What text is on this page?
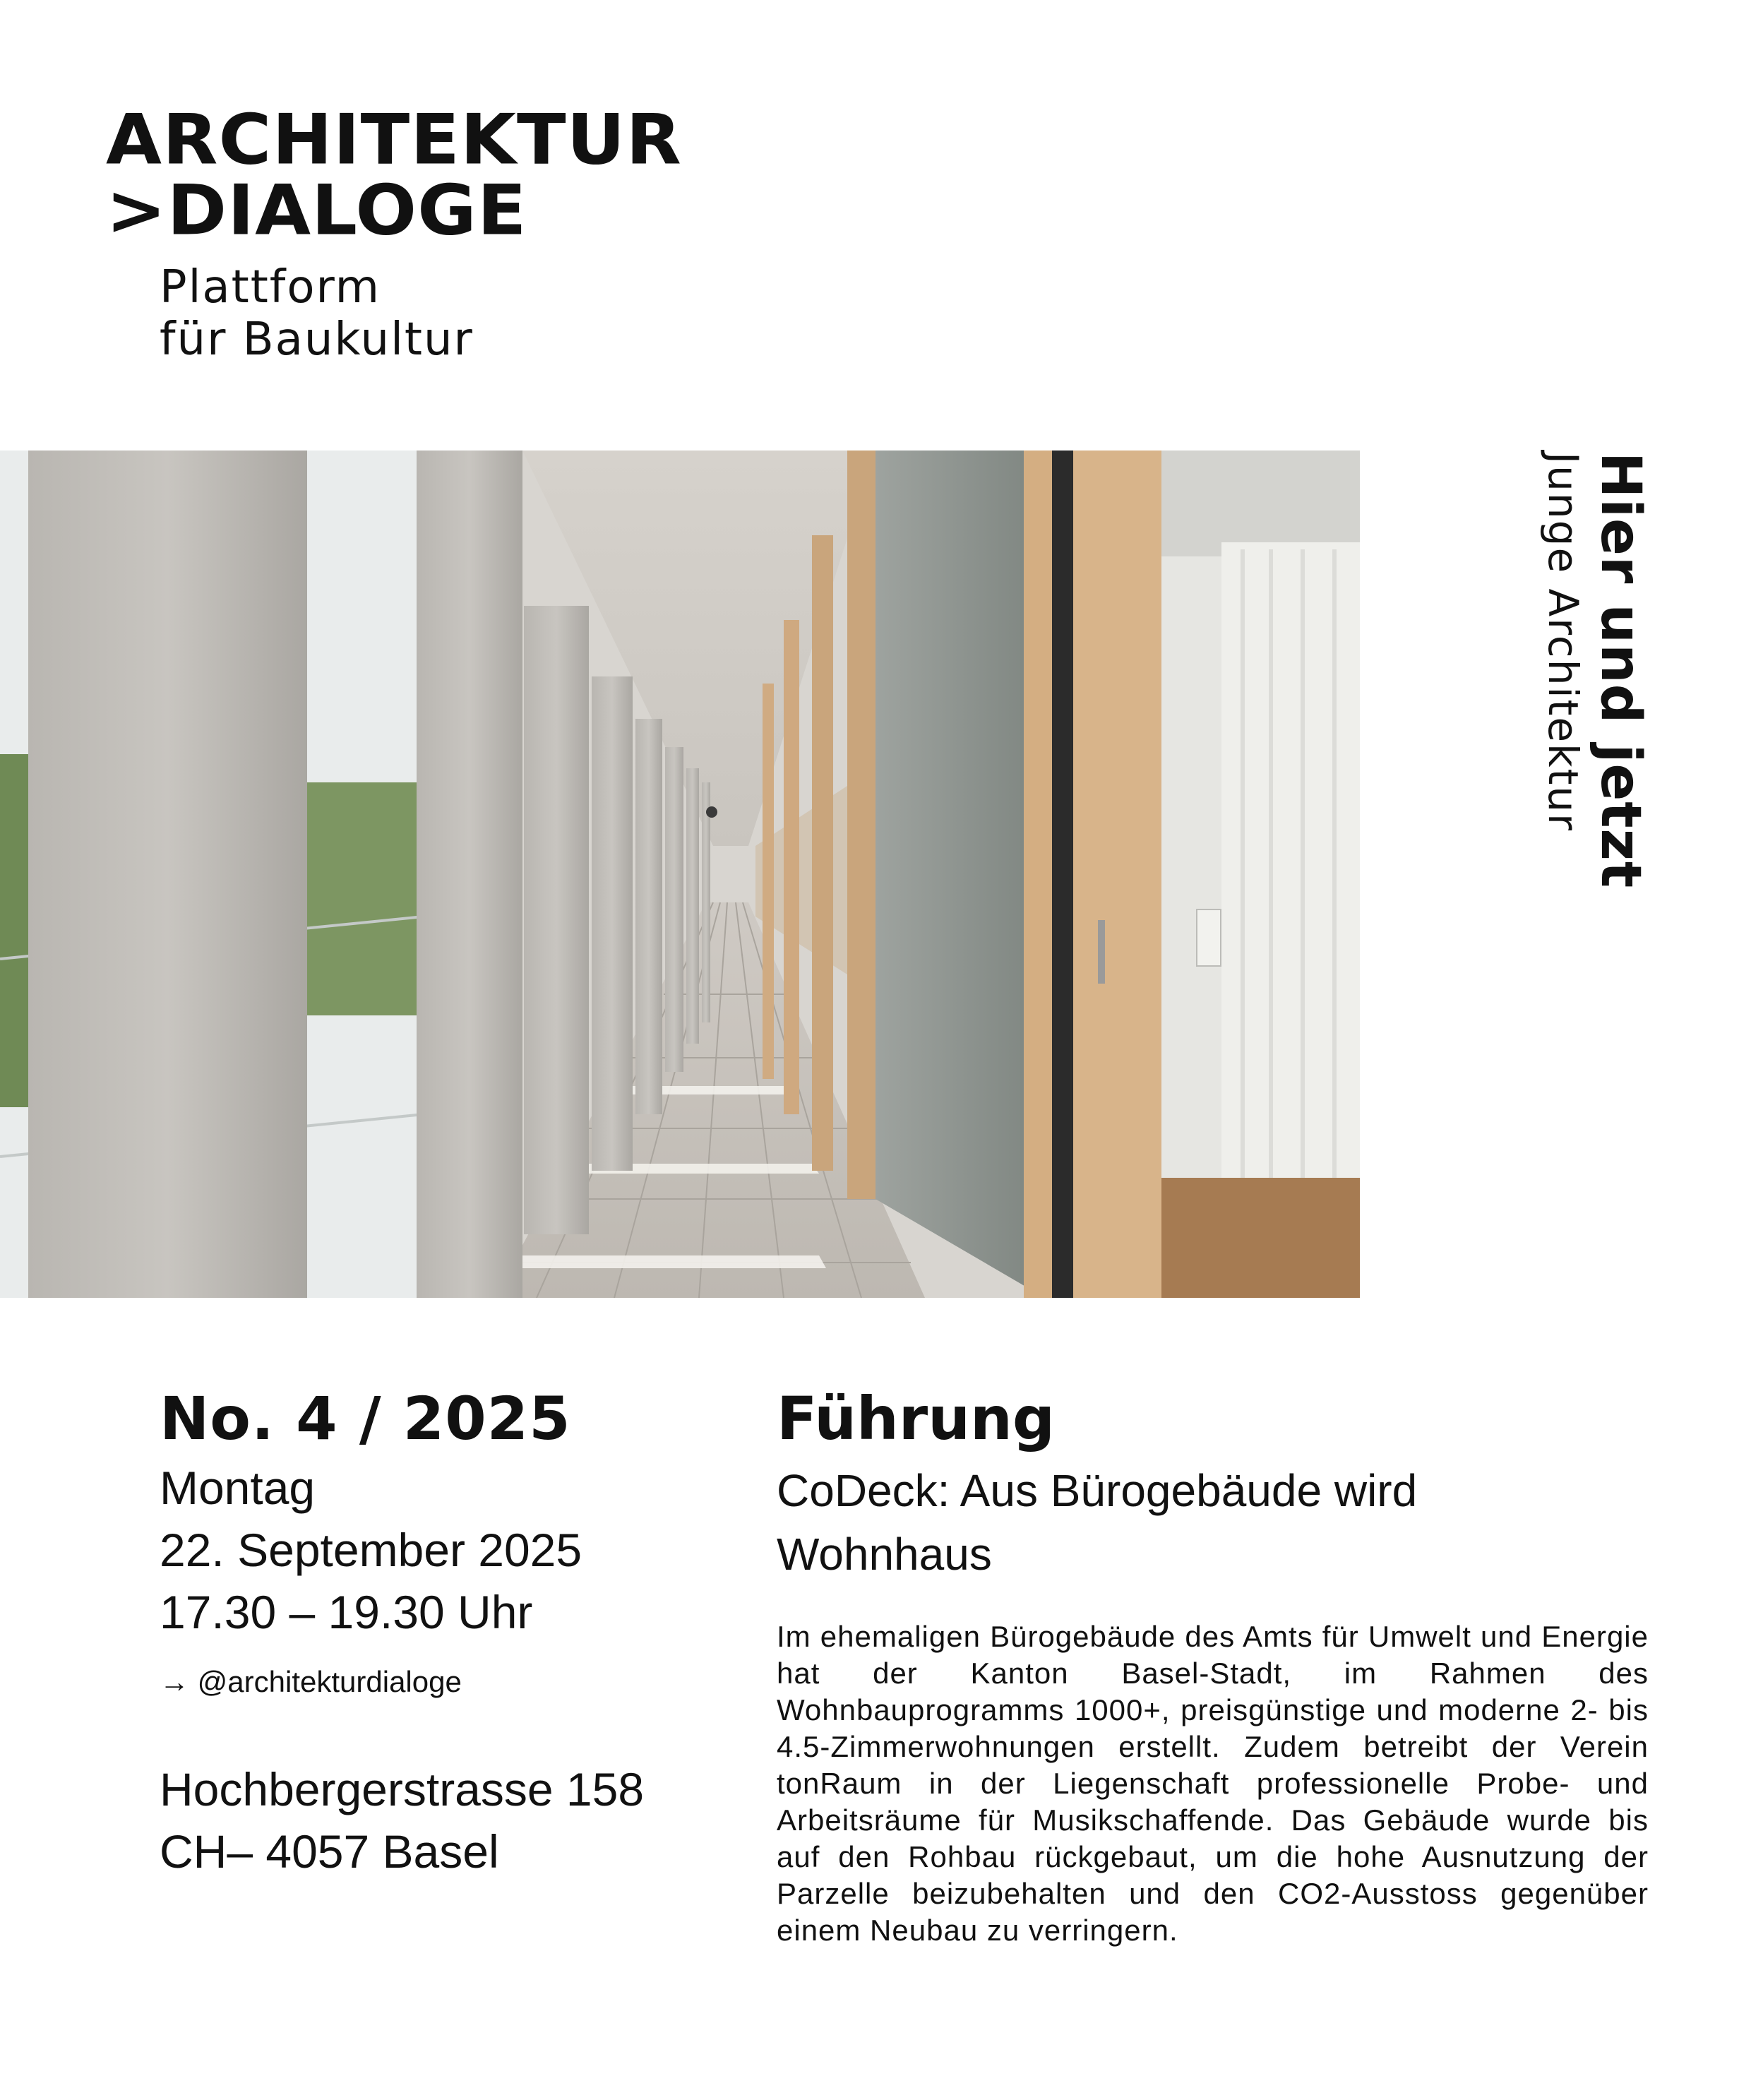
ARCHITEKTUR
>DIALOGE
Plattform
für Baukultur
Hier und jetzt
Junge Architektur
No. 4 / 2025
Montag
22. September 2025
17.30 – 19.30 Uhr
→ @architekturdialoge
Hochbergerstrasse 158
CH– 4057 Basel
Führung

CoDeck: Aus Bürogebäude wird Wohnhaus

Im ehemaligen Bürogebäude des Amts für Umwelt und Energie hat der Kanton Basel-Stadt, im Rahmen des Wohnbauprogramms 1000+, preisgünstige und moderne 2- bis 4.5-Zimmerwohnungen erstellt. Zudem betreibt der Verein tonRaum in der Liegenschaft professionelle Probe- und Arbeitsräume für Musikschaffende. Das Gebäude wurde bis auf den Rohbau rückgebaut, um die hohe Ausnutzung der Parzelle beizubehalten und den CO2-Ausstoss gegenüber einem Neubau zu verringern.
